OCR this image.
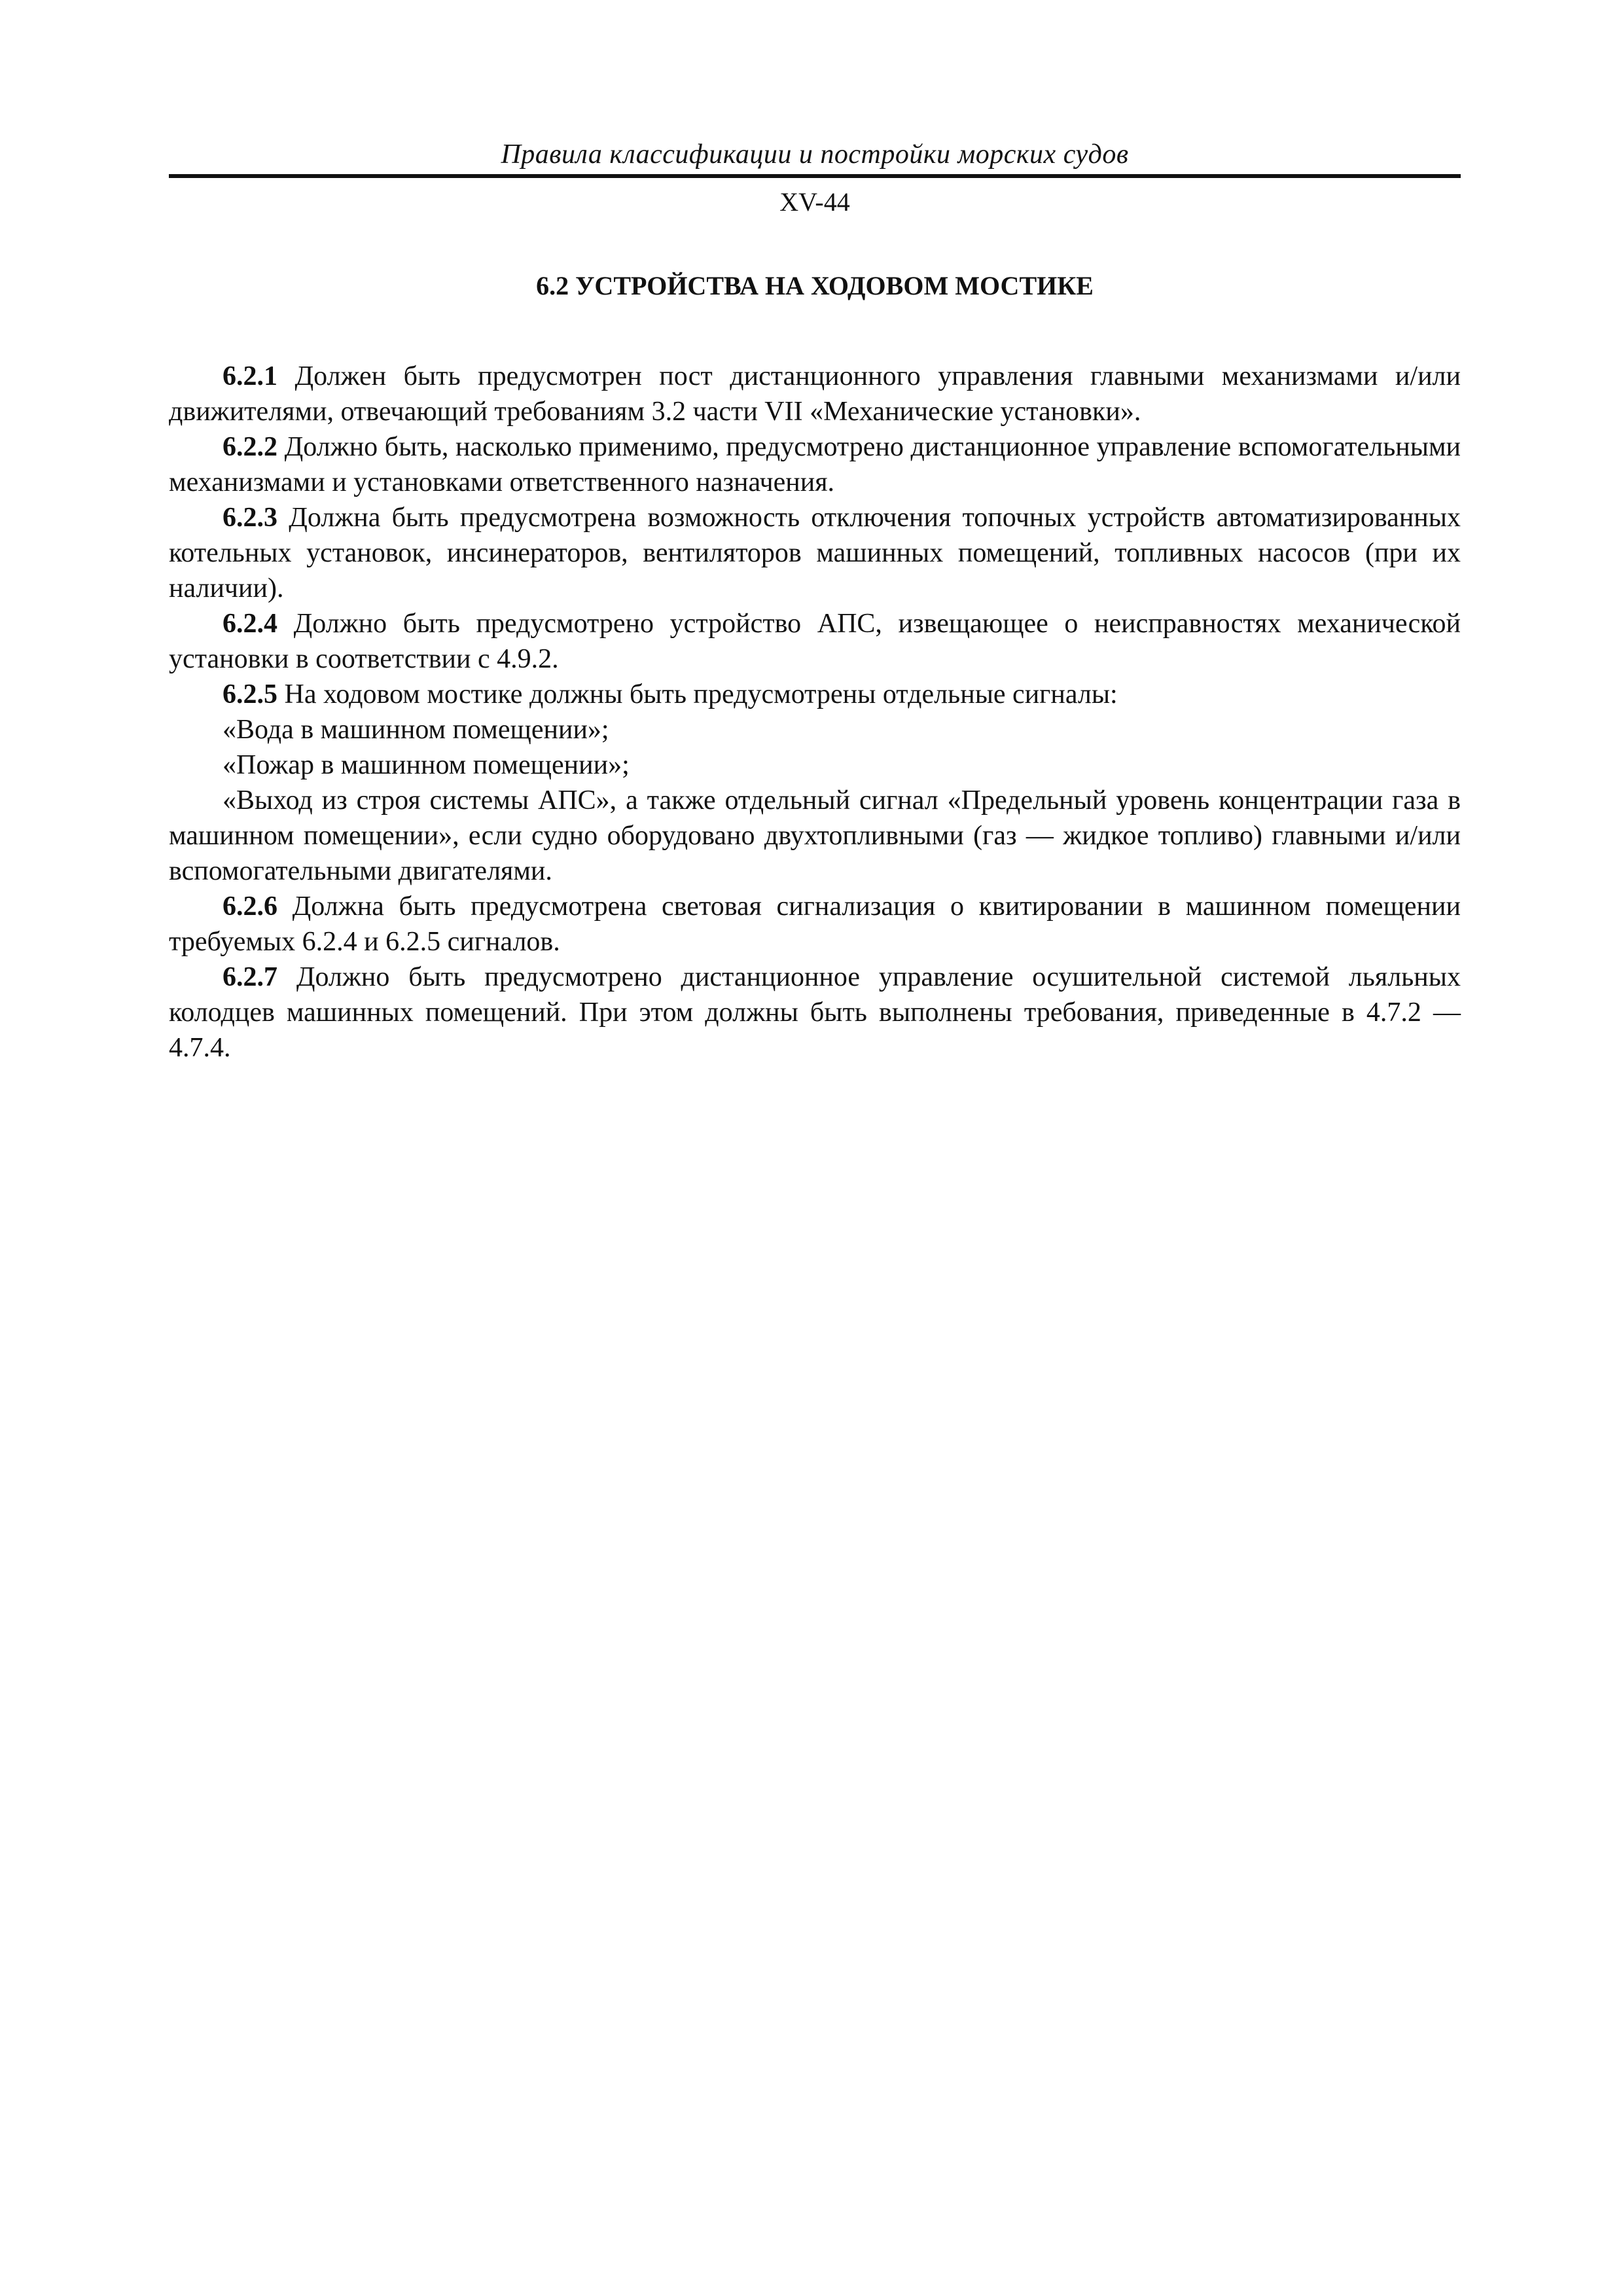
Правила классификации и постройки морских судов
XV-44
6.2 УСТРОЙСТВА НА ХОДОВОМ МОСТИКЕ

6.2.1 Должен быть предусмотрен пост дистанционного управления главными механизмами и/или движителями, отвечающий требованиям 3.2 части VII «Механические установки».

6.2.2 Должно быть, насколько применимо, предусмотрено дистанционное управление вспомогательными механизмами и установками ответственного назначения.

6.2.3 Должна быть предусмотрена возможность отключения топочных устройств автоматизированных котельных установок, инсинераторов, вентиляторов машинных помещений, топливных насосов (при их наличии).

6.2.4 Должно быть предусмотрено устройство АПС, извещающее о неисправностях механической установки в соответствии с 4.9.2.

6.2.5 На ходовом мостике должны быть предусмотрены отдельные сигналы:

«Вода в машинном помещении»;

«Пожар в машинном помещении»;

«Выход из строя системы АПС», а также отдельный сигнал «Предельный уровень концентрации газа в машинном помещении», если судно оборудовано двухтопливными (газ — жидкое топливо) главными и/или вспомогательными двигателями.

6.2.6 Должна быть предусмотрена световая сигнализация о квитировании в машинном помещении требуемых 6.2.4 и 6.2.5 сигналов.

6.2.7 Должно быть предусмотрено дистанционное управление осушительной системой льяльных колодцев машинных помещений. При этом должны быть выполнены требования, приведенные в 4.7.2 — 4.7.4.
